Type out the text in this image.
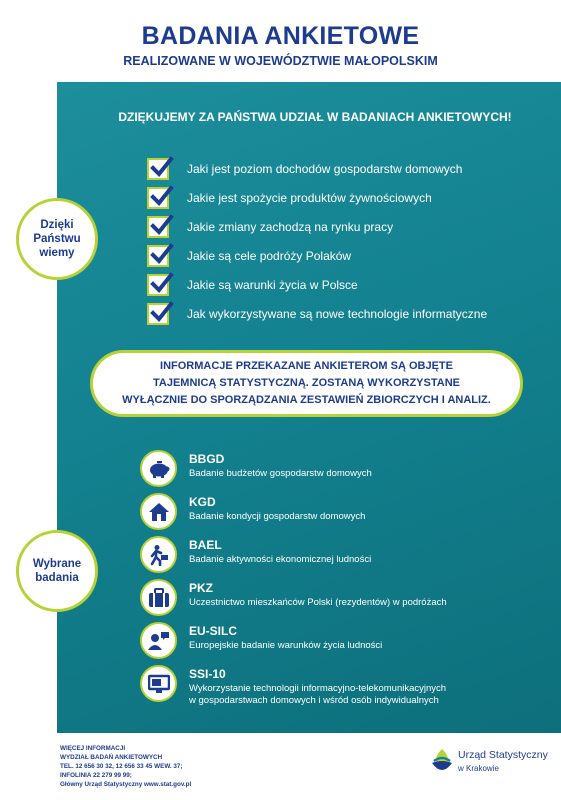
BADANIA ANKIETOWE
REALIZOWANE W WOJEWÓDZTWIE MAŁOPOLSKIM
DZIĘKUJEMY ZA PAŃSTWA UDZIAŁ W BADANIACH ANKIETOWYCH!
Dzięki Państwu wiemy
Jaki jest poziom dochodów gospodarstw domowych
Jakie jest spożycie produktów żywnościowych
Jakie zmiany zachodzą na rynku pracy
Jakie są cele podróży Polaków
Jakie są warunki życia w Polsce
Jak wykorzystywane są nowe technologie informatyczne
INFORMACJE PRZEKAZANE ANKIETEROM SĄ OBJĘTE
TAJEMNICĄ STATYSTYCZNĄ. ZOSTANĄ WYKORZYSTANE
WYŁĄCZNIE DO SPORZĄDZANIA ZESTAWIEŃ ZBIORCZYCH I ANALIZ.
Wybrane badania
BBGD
Badanie budżetów gospodarstw domowych
KGD
Badanie kondycji gospodarstw domowych
BAEL
Badanie aktywności ekonomicznej ludności
PKZ
Uczestnictwo mieszkańców Polski (rezydentów) w podróżach
EU-SILC
Europejskie badanie warunków życia ludności
SSI-10
Wykorzystanie technologii informacyjno-telekomunikacyjnych
w gospodarstwach domowych i wśród osób indywidualnych
WIĘCEJ INFORMACJI
WYDZIAŁ BADAŃ ANKIETOWYCH
TEL. 12 656 30 32, 12 656 33 45 WEW. 37;
INFOLINIA 22 279 99 99;
Główny Urząd Statystyczny www.stat.gov.pl
Urząd Statystyczny
w Krakowie
